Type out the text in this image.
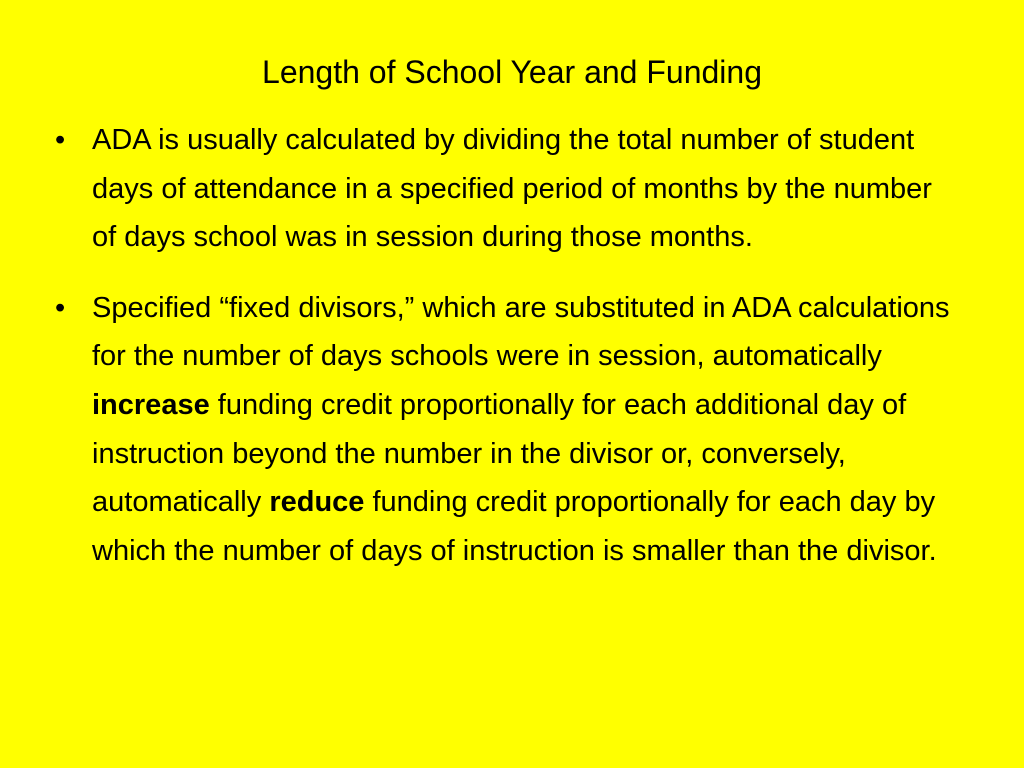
Length of School Year and Funding
• ADA is usually calculated by dividing the total number of student days of attendance in a specified period of months by the number of days school was in session during those months.
• Specified “fixed divisors,” which are substituted in ADA calculations for the number of days schools were in session, automatically increase funding credit proportionally for each additional day of instruction beyond the number in the divisor or, conversely, automatically reduce funding credit proportionally for each day by which the number of days of instruction is smaller than the divisor.
